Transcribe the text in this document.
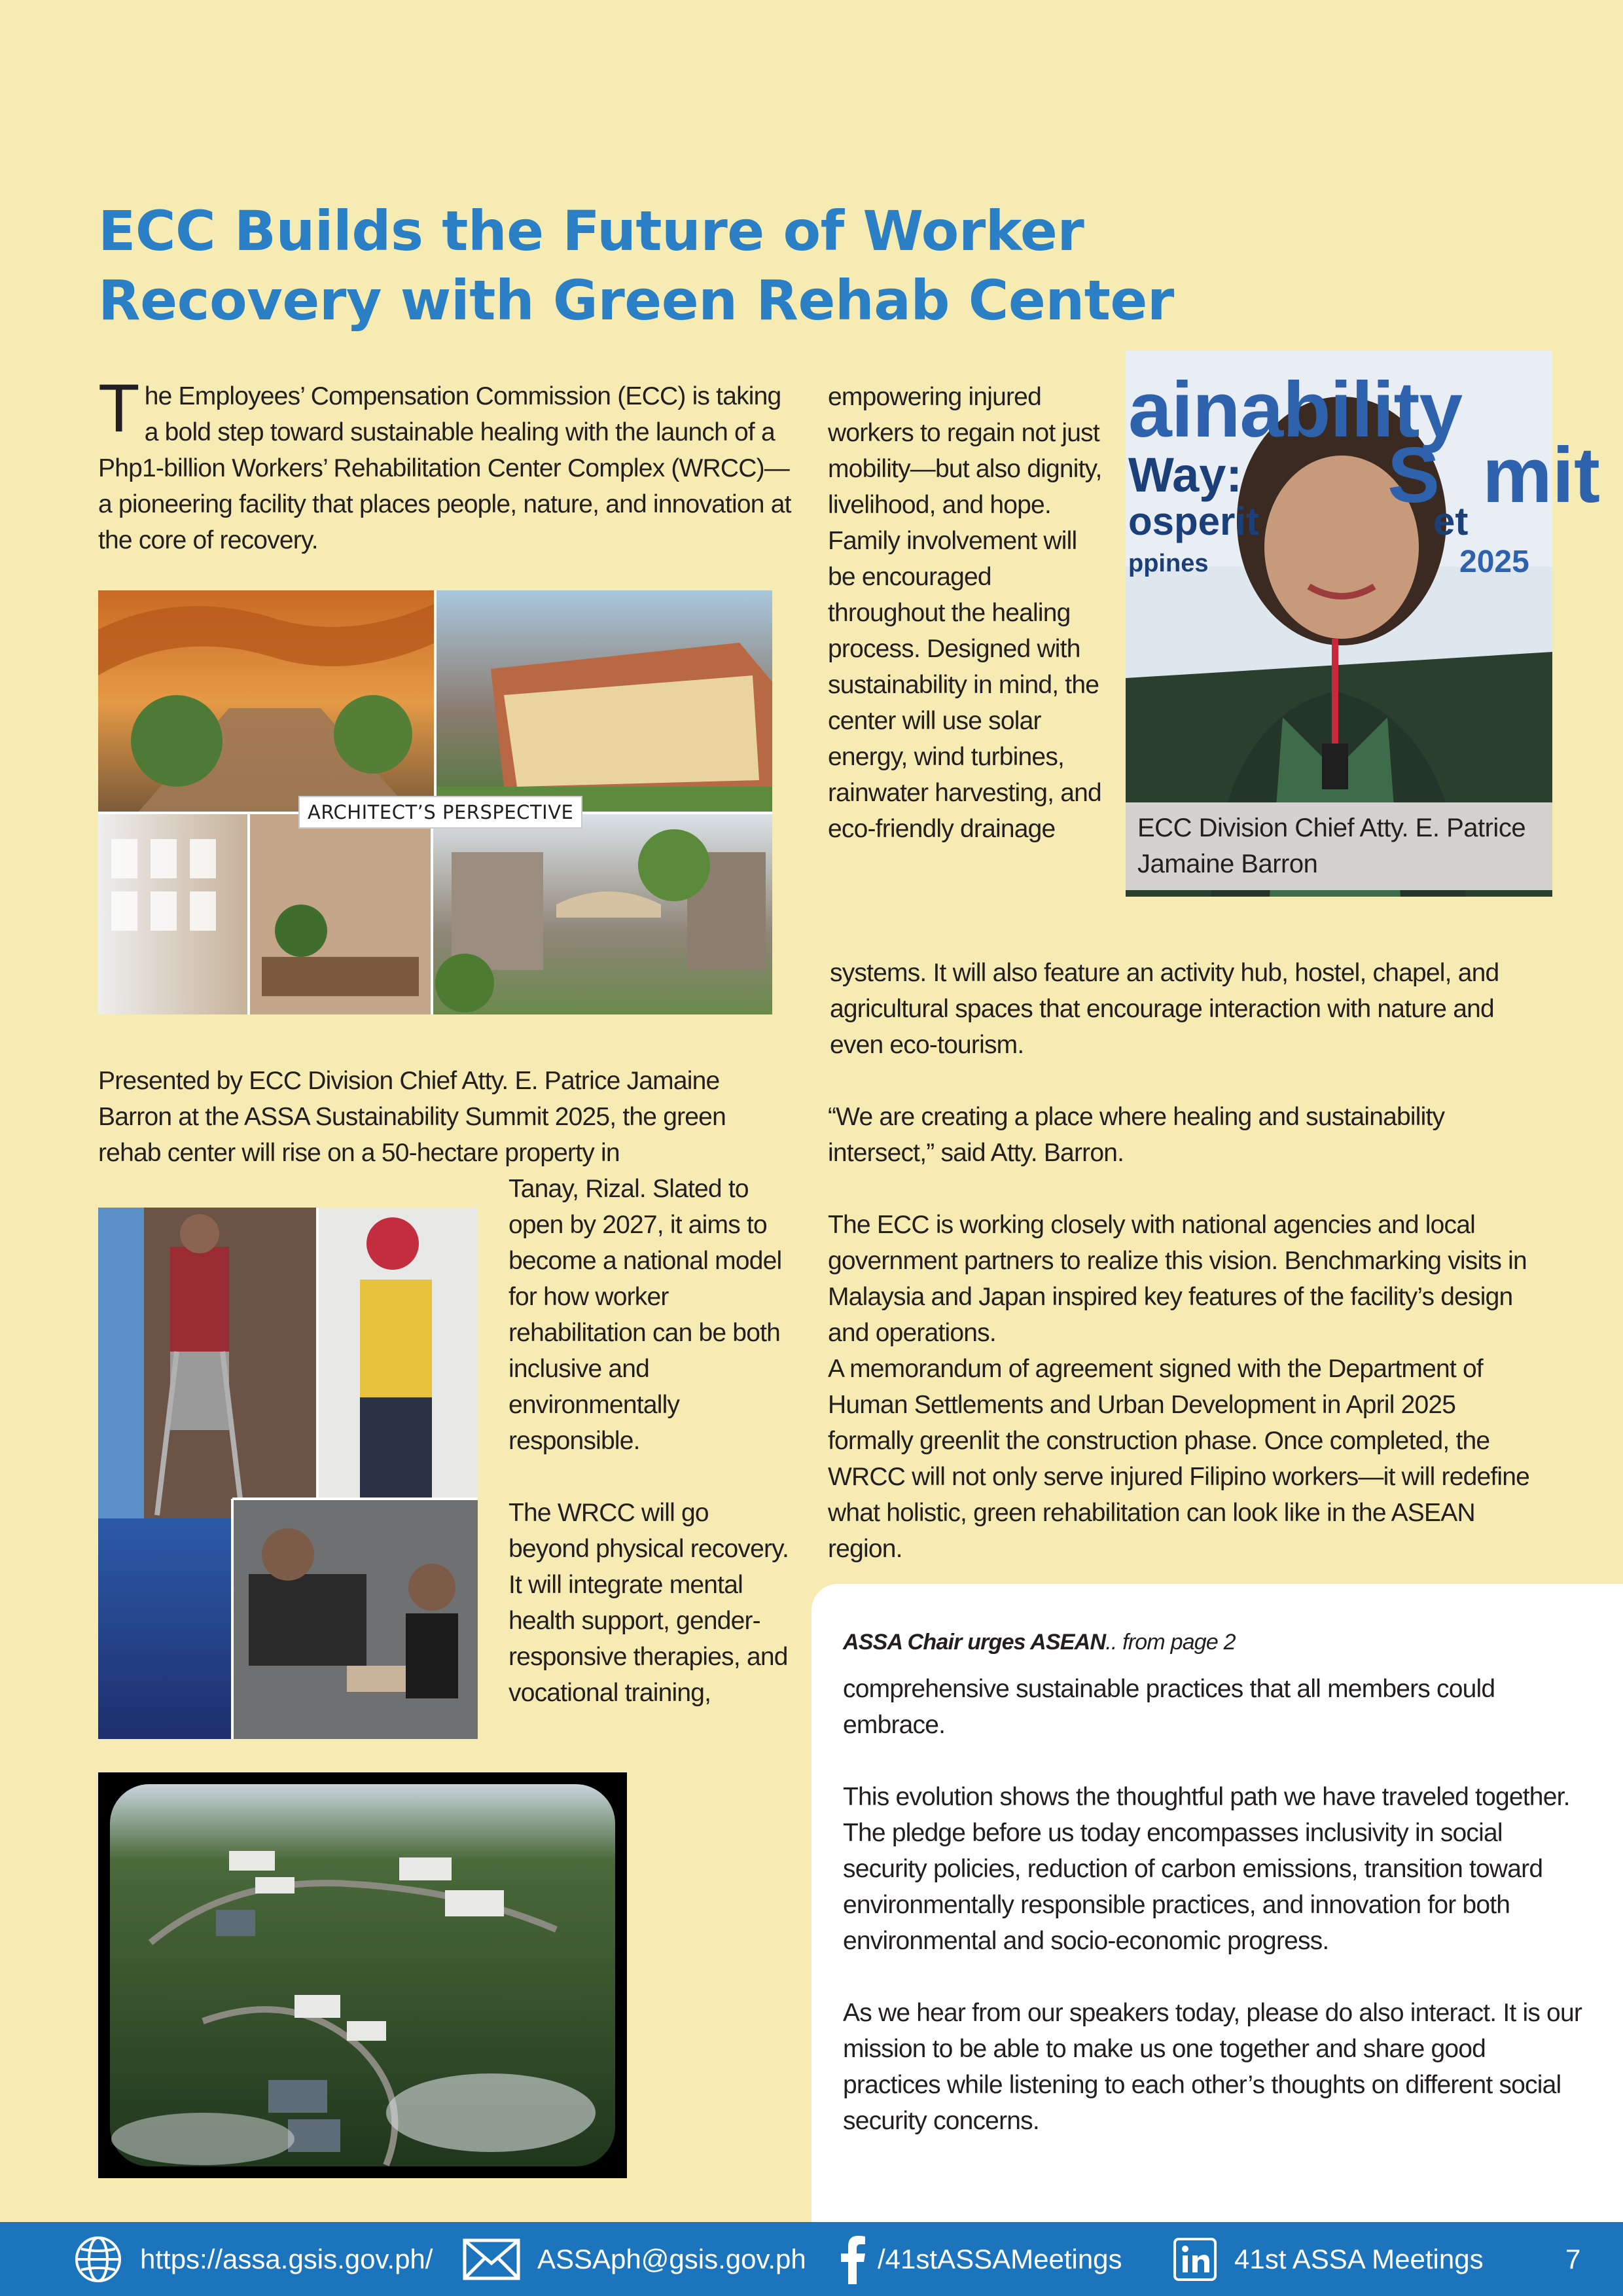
ECC Builds the Future of Worker
Recovery with Green Rehab Center
T he Employees’ Compensation Commission (ECC) is taking a bold step toward sustainable healing with the launch of a Php1-billion Workers’ Rehabilitation Center Complex (WRCC)—a pioneering facility that places people, nature, and innovation at the core of recovery.
ARCHITECT’S PERSPECTIVE
ainability
Way: S mit
osperit	et
ppines	2025
ECC Division Chief Atty. E. Patrice Jamaine Barron

empowering injured workers to regain not just mobility—but also dignity, livelihood, and hope. Family involvement will be encouraged throughout the healing process. Designed with sustainability in mind, the center will use solar energy, wind turbines, rainwater harvesting, and eco-friendly drainage

systems. It will also feature an activity hub, hostel, chapel, and agricultural spaces that encourage interaction with nature and even eco-tourism.

“We are creating a place where healing and sustainability intersect,” said Atty. Barron.

The ECC is working closely with national agencies and local government partners to realize this vision. Benchmarking visits in Malaysia and Japan inspired key features of the facility’s design and operations.

A memorandum of agreement signed with the Department of Human Settlements and Urban Development in April 2025 formally greenlit the construction phase. Once completed, the WRCC will not only serve injured Filipino workers—it will redefine what holistic, green rehabilitation can look like in the ASEAN region.

Presented by ECC Division Chief Atty. E. Patrice Jamaine Barron at the ASSA Sustainability Summit 2025, the green rehab center will rise on a 50-hectare property in

Tanay, Rizal. Slated to open by 2027, it aims to become a national model for how worker rehabilitation can be both inclusive and environmentally responsible.

The WRCC will go beyond physical recovery. It will integrate mental health support, gender-responsive therapies, and vocational training,

ASSA Chair urges ASEAN.. from page 2

comprehensive sustainable practices that all members could embrace.

This evolution shows the thoughtful path we have traveled together. The pledge before us today encompasses inclusivity in social security policies, reduction of carbon emissions, transition toward environmentally responsible practices, and innovation for both environmental and socio-economic progress.

As we hear from our speakers today, please do also interact. It is our mission to be able to make us one together and share good practices while listening to each other’s thoughts on different social security concerns.

https://assa.gsis.gov.ph/	ASSAph@gsis.gov.ph	/41stASSAMeetings	41st ASSA Meetings	7
